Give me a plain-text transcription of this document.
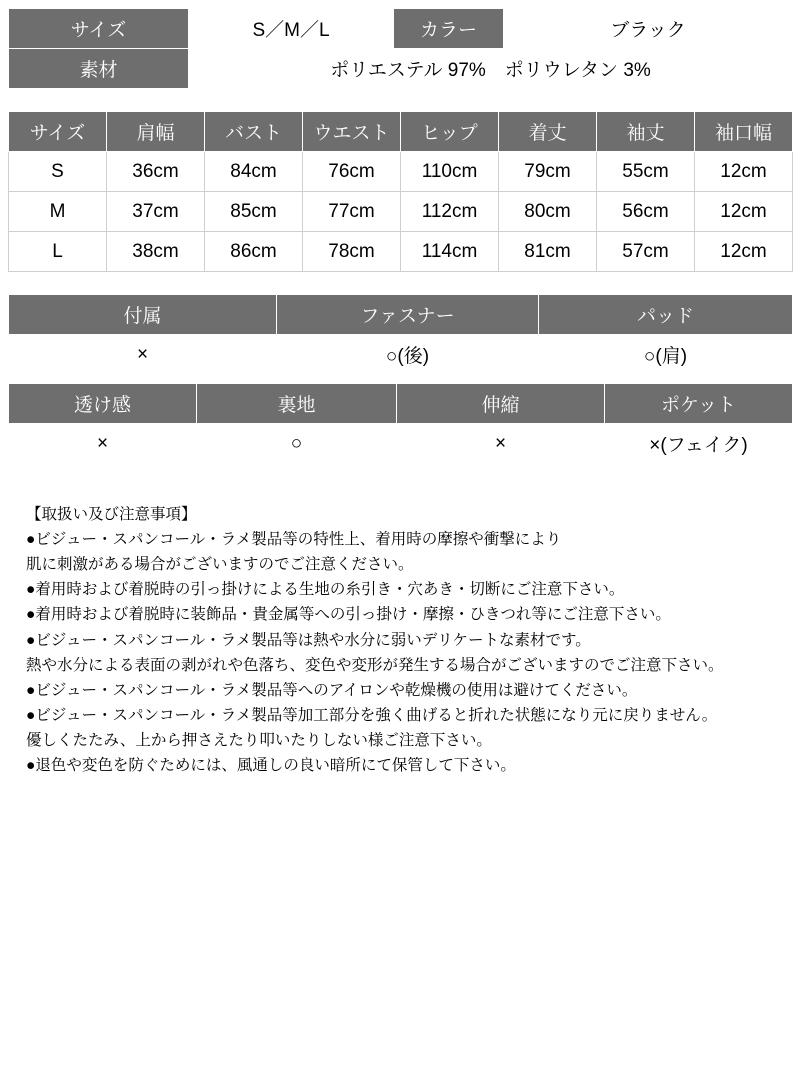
サイズ	S／M／L	カラー	ブラック
素材	ポリエステル 97%　ポリウレタン 3%		
サイズ	肩幅	バスト	ウエスト	ヒップ	着丈	袖丈	袖口幅
S	36cm	84cm	76cm	110cm	79cm	55cm	12cm
M	37cm	85cm	77cm	112cm	80cm	56cm	12cm
L	38cm	86cm	78cm	114cm	81cm	57cm	12cm
付属	ファスナー	パッド
×	○(後)	○(肩)
透け感	裏地	伸縮	ポケット
×	○	×	×(フェイク)
【取扱い及び注意事項】
●ビジュー・スパンコール・ラメ製品等の特性上、着用時の摩擦や衝撃により
肌に刺激がある場合がございますのでご注意ください。
●着用時および着脱時の引っ掛けによる生地の糸引き・穴あき・切断にご注意下さい。
●着用時および着脱時に装飾品・貴金属等への引っ掛け・摩擦・ひきつれ等にご注意下さい。
●ビジュー・スパンコール・ラメ製品等は熱や水分に弱いデリケートな素材です。
熱や水分による表面の剥がれや色落ち、変色や変形が発生する場合がございますのでご注意下さい。
●ビジュー・スパンコール・ラメ製品等へのアイロンや乾燥機の使用は避けてください。
●ビジュー・スパンコール・ラメ製品等加工部分を強く曲げると折れた状態になり元に戻りません。
優しくたたみ、上から押さえたり叩いたりしない様ご注意下さい。
●退色や変色を防ぐためには、風通しの良い暗所にて保管して下さい。
